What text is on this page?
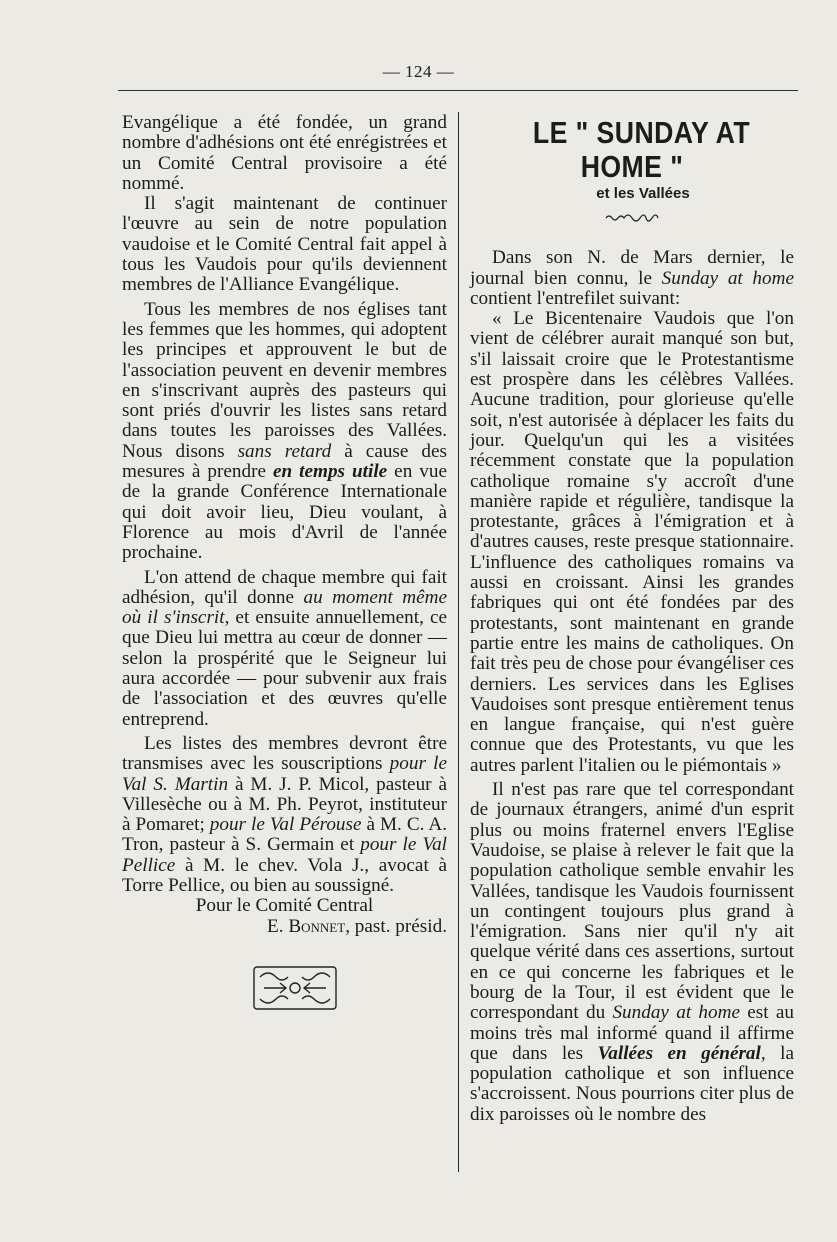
— 124 —

Evangélique a été fondée, un grand nombre d'adhésions ont été enrégistrées et un Comité Central provisoire a été nommé.

Il s'agit maintenant de continuer l'œuvre au sein de notre population vaudoise et le Comité Central fait appel à tous les Vaudois pour qu'ils deviennent membres de l'Alliance Evangélique.

Tous les membres de nos églises tant les femmes que les hommes, qui adoptent les principes et approuvent le but de l'association peuvent en devenir membres en s'inscrivant auprès des pasteurs qui sont priés d'ouvrir les listes sans retard dans toutes les paroisses des Vallées. Nous disons sans retard à cause des mesures à prendre en temps utile en vue de la grande Conférence Internationale qui doit avoir lieu, Dieu voulant, à Florence au mois d'Avril de l'année prochaine.

L'on attend de chaque membre qui fait adhésion, qu'il donne au moment même où il s'inscrit, et ensuite annuellement, ce que Dieu lui mettra au cœur de donner — selon la prospérité que le Seigneur lui aura accordée — pour subvenir aux frais de l'association et des œuvres qu'elle entreprend.

Les listes des membres devront être transmises avec les souscriptions pour le Val S. Martin à M. J. P. Micol, pasteur à Villesèche ou à M. Ph. Peyrot, instituteur à Pomaret; pour le Val Pérouse à M. C. A. Tron, pasteur à S. Germain et pour le Val Pellice à M. le chev. Vola J., avocat à Torre Pellice, ou bien au soussigné.

Pour le Comité Central

E. Bonnet, past. présid.

LE " SUNDAY AT HOME "

et les Vallées

Dans son N. de Mars dernier, le journal bien connu, le Sunday at home contient l'entrefilet suivant:

« Le Bicentenaire Vaudois que l'on vient de célébrer aurait manqué son but, s'il laissait croire que le Protestantisme est prospère dans les célèbres Vallées. Aucune tradition, pour glorieuse qu'elle soit, n'est autorisée à déplacer les faits du jour. Quelqu'un qui les a visitées récemment constate que la population catholique romaine s'y accroît d'une manière rapide et régulière, tandisque la protestante, grâces à l'émigration et à d'autres causes, reste presque stationnaire. L'influence des catholiques romains va aussi en croissant. Ainsi les grandes fabriques qui ont été fondées par des protestants, sont maintenant en grande partie entre les mains de catholiques. On fait très peu de chose pour évangéliser ces derniers. Les services dans les Eglises Vaudoises sont presque entièrement tenus en langue française, qui n'est guère connue que des Protestants, vu que les autres parlent l'italien ou le piémontais »

Il n'est pas rare que tel correspondant de journaux étrangers, animé d'un esprit plus ou moins fraternel envers l'Eglise Vaudoise, se plaise à relever le fait que la population catholique semble envahir les Vallées, tandisque les Vaudois fournissent un contingent toujours plus grand à l'émigration. Sans nier qu'il n'y ait quelque vérité dans ces assertions, surtout en ce qui concerne les fabriques et le bourg de la Tour, il est évident que le correspondant du Sunday at home est au moins très mal informé quand il affirme que dans les Vallées en général, la population catholique et son influence s'accroissent. Nous pourrions citer plus de dix paroisses où le nombre des
